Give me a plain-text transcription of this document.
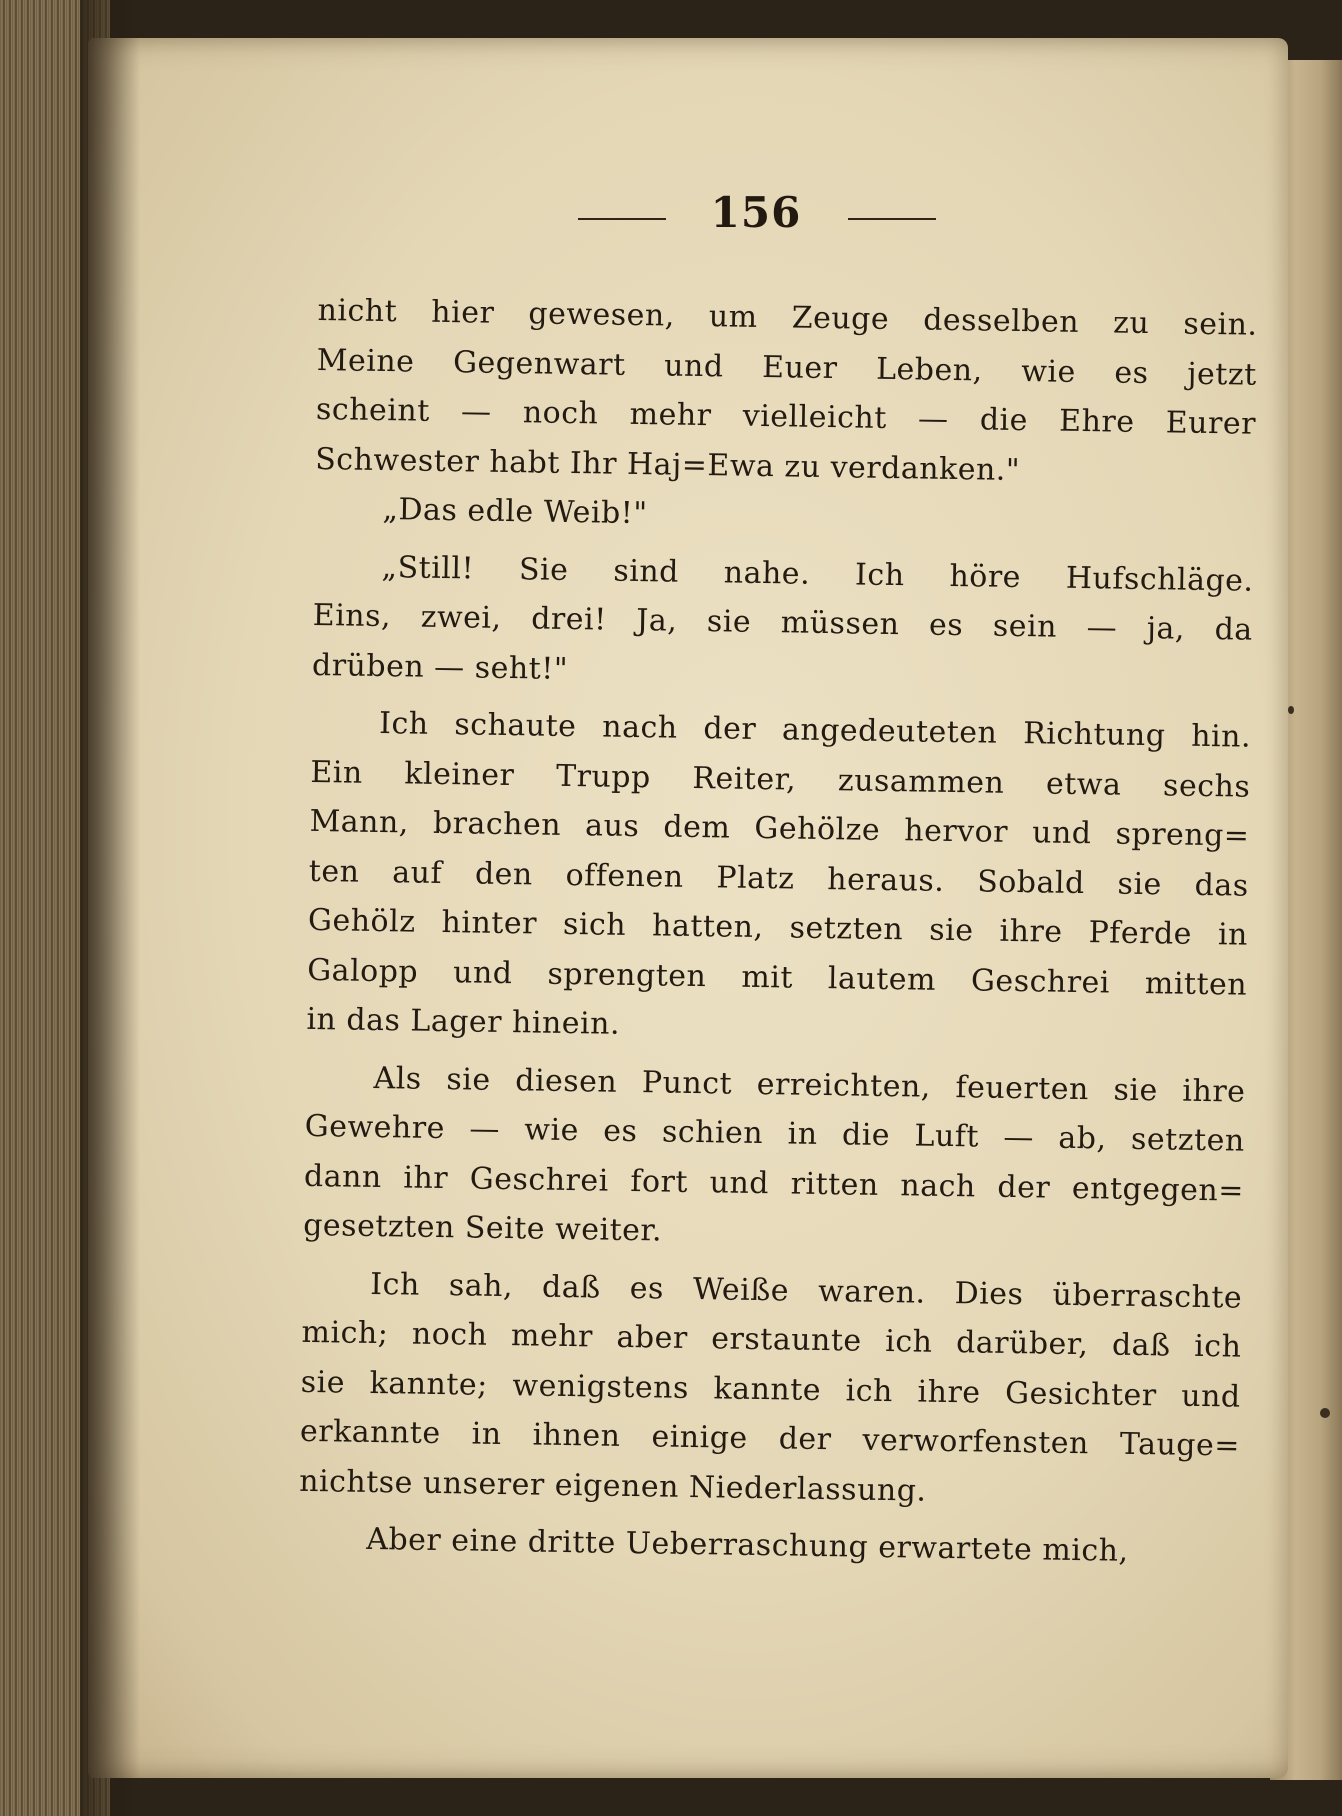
156
nicht hier gewesen, um Zeuge desselben zu sein.
Meine Gegenwart und Euer Leben, wie es jetzt
scheint — noch mehr vielleicht — die Ehre Eurer
Schwester habt Ihr Haj=Ewa zu verdanken."
„Das edle Weib!"
„Still! Sie sind nahe. Ich höre Hufschläge.
Eins, zwei, drei! Ja, sie müssen es sein — ja, da
drüben — seht!"
Ich schaute nach der angedeuteten Richtung hin.
Ein kleiner Trupp Reiter, zusammen etwa sechs
Mann, brachen aus dem Gehölze hervor und spreng=
ten auf den offenen Platz heraus. Sobald sie das
Gehölz hinter sich hatten, setzten sie ihre Pferde in
Galopp und sprengten mit lautem Geschrei mitten
in das Lager hinein.
Als sie diesen Punct erreichten, feuerten sie ihre
Gewehre — wie es schien in die Luft — ab, setzten
dann ihr Geschrei fort und ritten nach der entgegen=
gesetzten Seite weiter.
Ich sah, daß es Weiße waren. Dies überraschte
mich; noch mehr aber erstaunte ich darüber, daß ich
sie kannte; wenigstens kannte ich ihre Gesichter und
erkannte in ihnen einige der verworfensten Tauge=
nichtse unserer eigenen Niederlassung.
Aber eine dritte Ueberraschung erwartete mich,
